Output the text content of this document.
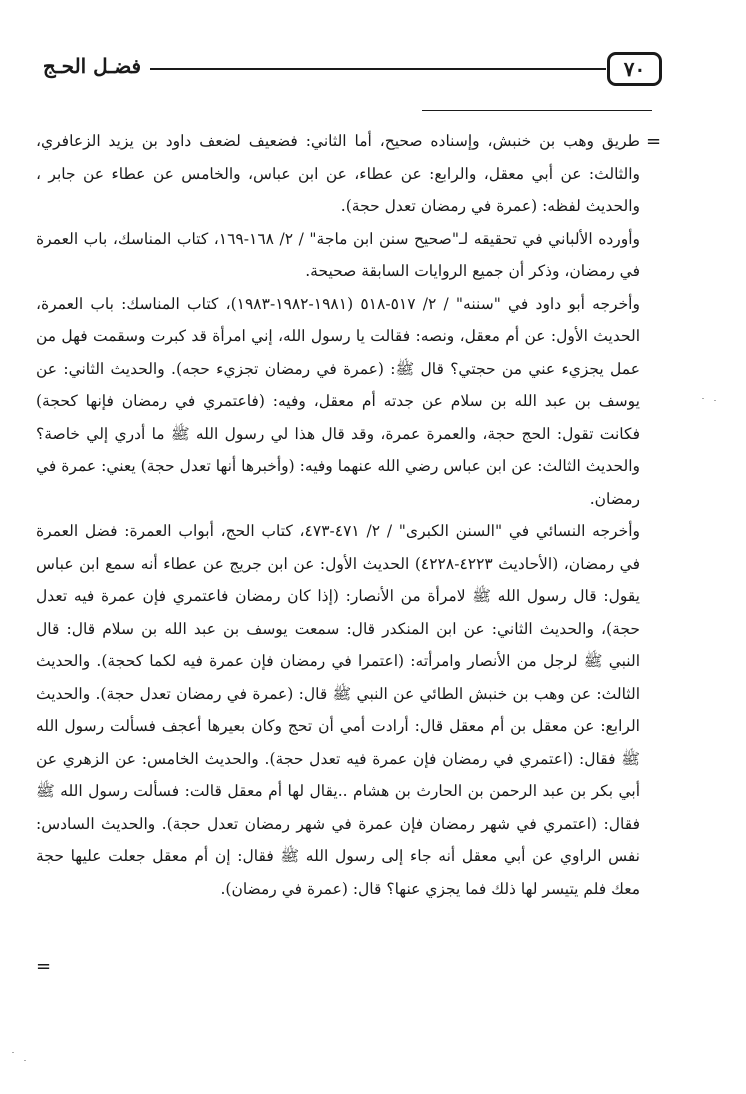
٧٠
فضـل الحـج
=

طريق وهب بن خنبش، وإسناده صحيح، أما الثاني: فضعيف لضعف داود بن يزيد الزعافري، والثالث: عن أبي معقل، والرابع: عن عطاء، عن ابن عباس، والخامس عن عطاء عن جابر ، والحديث لفظه: (عمرة في رمضان تعدل حجة).

وأورده الألباني في تحقيقه لـ"صحيح سنن ابن ماجة" / ٢/ ١٦٨-١٦٩، كتاب المناسك، باب العمرة في رمضان، وذكر أن جميع الروايات السابقة صحيحة.

وأخرجه أبو داود في "سننه" / ٢/ ٥١٧-٥١٨ (١٩٨١-١٩٨٢-١٩٨٣)، كتاب المناسك: باب العمرة، الحديث الأول: عن أم معقل، ونصه: فقالت يا رسول الله، إني امرأة قد كبرت وسقمت فهل من عمل يجزيء عني من حجتي؟ قال ﷺ: (عمرة في رمضان تجزيء حجه). والحديث الثاني: عن يوسف بن عبد الله بن سلام عن جدته أم معقل، وفيه: (فاعتمري في رمضان فإنها كحجة) فكانت تقول: الحج حجة، والعمرة عمرة، وقد قال هذا لي رسول الله ﷺ ما أدري إلي خاصة؟ والحديث الثالث: عن ابن عباس رضي الله عنهما وفيه: (وأخبرها أنها تعدل حجة) يعني: عمرة في رمضان.

وأخرجه النسائي في "السنن الكبرى" / ٢/ ٤٧١-٤٧٣، كتاب الحج، أبواب العمرة: فضل العمرة في رمضان، (الأحاديث ٤٢٢٣-٤٢٢٨) الحديث الأول: عن ابن جريج عن عطاء أنه سمع ابن عباس يقول: قال رسول الله ﷺ لامرأة من الأنصار: (إذا كان رمضان فاعتمري فإن عمرة فيه تعدل حجة)، والحديث الثاني: عن ابن المنكدر قال: سمعت يوسف بن عبد الله بن سلام قال: قال النبي ﷺ لرجل من الأنصار وامرأته: (اعتمرا في رمضان فإن عمرة فيه لكما كحجة). والحديث الثالث: عن وهب بن خنبش الطائي عن النبي ﷺ قال: (عمرة في رمضان تعدل حجة). والحديث الرابع: عن معقل بن أم معقل قال: أرادت أمي أن تحج وكان بعيرها أعجف فسألت رسول الله ﷺ فقال: (اعتمري في رمضان فإن عمرة فيه تعدل حجة). والحديث الخامس: عن الزهري عن أبي بكر بن عبد الرحمن بن الحارث بن هشام ..يقال لها أم معقل قالت: فسألت رسول الله ﷺ فقال: (اعتمري في شهر رمضان فإن عمرة في شهر رمضان تعدل حجة). والحديث السادس: نفس الراوي عن أبي معقل أنه جاء إلى رسول الله ﷺ فقال: إن أم معقل جعلت عليها حجة معك فلم يتيسر لها ذلك فما يجزي عنها؟ قال: (عمرة في رمضان).

=
